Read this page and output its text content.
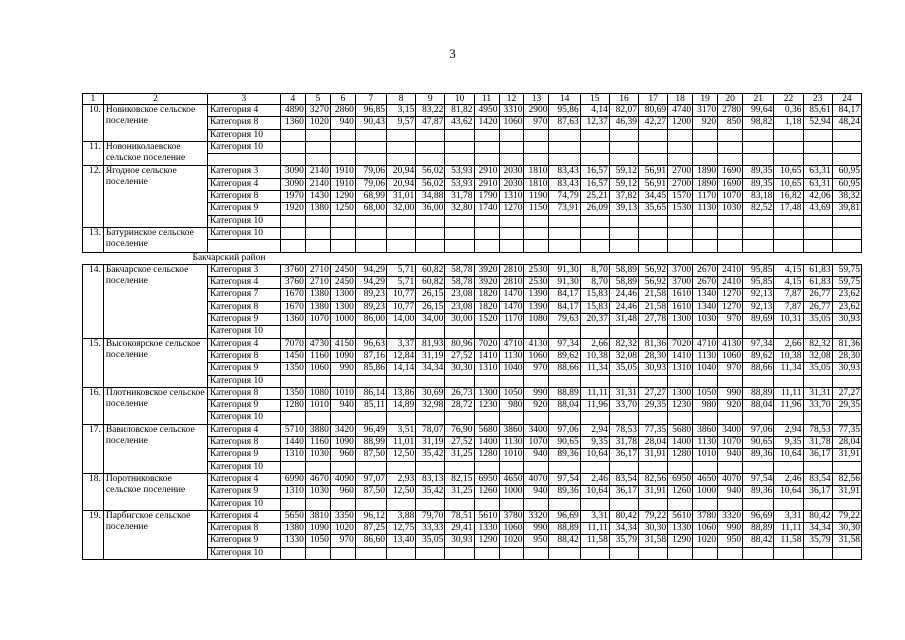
3
1	2	3	4	5	6	7	8	9	10	11	12	13	14	15	16	17	18	19	20	21	22	23	24
10.	Новиковское сельское поселение	Категория 4	4890	3270	2860	96,85	3,15	83,22	81,82	4950	3310	2900	95,86	4,14	82,07	80,69	4740	3170	2780	99,64	0,36	85,61	84,17
		Категория 8	1360	1020	940	90,43	9,57	47,87	43,62	1420	1060	970	87,63	12,37	46,39	42,27	1200	920	850	98,82	1,18	52,94	48,24
		Категория 10																					
11.	Новониколаевское сельское поселение	Категория 10																					

12.	Ягодное сельское поселение	Категория 3	3090	2140	1910	79,06	20,94	56,02	53,93	2910	2030	1810	83,43	16,57	59,12	56,91	2700	1890	1690	89,35	10,65	63,31	60,95
		Категория 4	3090	2140	1910	79,06	20,94	56,02	53,93	2910	2030	1810	83,43	16,57	59,12	56,91	2700	1890	1690	89,35	10,65	63,31	60,95
		Категория 8	1970	1430	1290	68,99	31,01	34,88	31,78	1790	1310	1190	74,79	25,21	37,82	34,45	1570	1170	1070	83,18	16,82	42,06	38,32
		Категория 9	1920	1380	1250	68,00	32,00	36,00	32,80	1740	1270	1150	73,91	26,09	39,13	35,65	1530	1130	1030	82,52	17,48	43,69	39,81
		Категория 10																					
13.	Батуринское сельское поселение	Категория 10																					

Бакчарский район																							
14.	Бакчарское сельское поселение	Категория 3	3760	2710	2450	94,29	5,71	60,82	58,78	3920	2810	2530	91,30	8,70	58,89	56,92	3700	2670	2410	95,85	4,15	61,83	59,75
		Категория 4	3760	2710	2450	94,29	5,71	60,82	58,78	3920	2810	2530	91,30	8,70	58,89	56,92	3700	2670	2410	95,85	4,15	61,83	59,75
		Категория 7	1670	1380	1300	89,23	10,77	26,15	23,08	1820	1470	1390	84,17	15,83	24,46	21,58	1610	1340	1270	92,13	7,87	26,77	23,62
		Категория 8	1670	1380	1300	89,23	10,77	26,15	23,08	1820	1470	1390	84,17	15,83	24,46	21,58	1610	1340	1270	92,13	7,87	26,77	23,62
		Категория 9	1360	1070	1000	86,00	14,00	34,00	30,00	1520	1170	1080	79,63	20,37	31,48	27,78	1300	1030	970	89,69	10,31	35,05	30,93
		Категория 10																					
15.	Высокоярское сельское поселение	Категория 4	7070	4730	4150	96,63	3,37	81,93	80,96	7020	4710	4130	97,34	2,66	82,32	81,36	7020	4710	4130	97,34	2,66	82,32	81,36
		Категория 8	1450	1160	1090	87,16	12,84	31,19	27,52	1410	1130	1060	89,62	10,38	32,08	28,30	1410	1130	1060	89,62	10,38	32,08	28,30
		Категория 9	1350	1060	990	85,86	14,14	34,34	30,30	1310	1040	970	88,66	11,34	35,05	30,93	1310	1040	970	88,66	11,34	35,05	30,93
		Категория 10																					
16.	Плотниковское сельское поселение	Категория 8	1350	1080	1010	86,14	13,86	30,69	26,73	1300	1050	990	88,89	11,11	31,31	27,27	1300	1050	990	88,89	11,11	31,31	27,27
		Категория 9	1280	1010	940	85,11	14,89	32,98	28,72	1230	980	920	88,04	11,96	33,70	29,35	1230	980	920	88,04	11,96	33,70	29,35
		Категория 10																					
17.	Вавиловское сельское поселение	Категория 4	5710	3880	3420	96,49	3,51	78,07	76,90	5680	3860	3400	97,06	2,94	78,53	77,35	5680	3860	3400	97,06	2,94	78,53	77,35
		Категория 8	1440	1160	1090	88,99	11,01	31,19	27,52	1400	1130	1070	90,65	9,35	31,78	28,04	1400	1130	1070	90,65	9,35	31,78	28,04
		Категория 9	1310	1030	960	87,50	12,50	35,42	31,25	1280	1010	940	89,36	10,64	36,17	31,91	1280	1010	940	89,36	10,64	36,17	31,91
		Категория 10																					
18.	Поротниковское сельское поселение	Категория 4	6990	4670	4090	97,07	2,93	83,13	82,15	6950	4650	4070	97,54	2,46	83,54	82,56	6950	4650	4070	97,54	2,46	83,54	82,56
		Категория 9	1310	1030	960	87,50	12,50	35,42	31,25	1260	1000	940	89,36	10,64	36,17	31,91	1260	1000	940	89,36	10,64	36,17	31,91
		Категория 10																					
19.	Парбигское сельское поселение	Категория 4	5650	3810	3350	96,12	3,88	79,70	78,51	5610	3780	3320	96,69	3,31	80,42	79,22	5610	3780	3320	96,69	3,31	80,42	79,22
		Категория 8	1380	1090	1020	87,25	12,75	33,33	29,41	1330	1060	990	88,89	11,11	34,34	30,30	1330	1060	990	88,89	11,11	34,34	30,30
		Категория 9	1330	1050	970	86,60	13,40	35,05	30,93	1290	1020	950	88,42	11,58	35,79	31,58	1290	1020	950	88,42	11,58	35,79	31,58
		Категория 10																					
